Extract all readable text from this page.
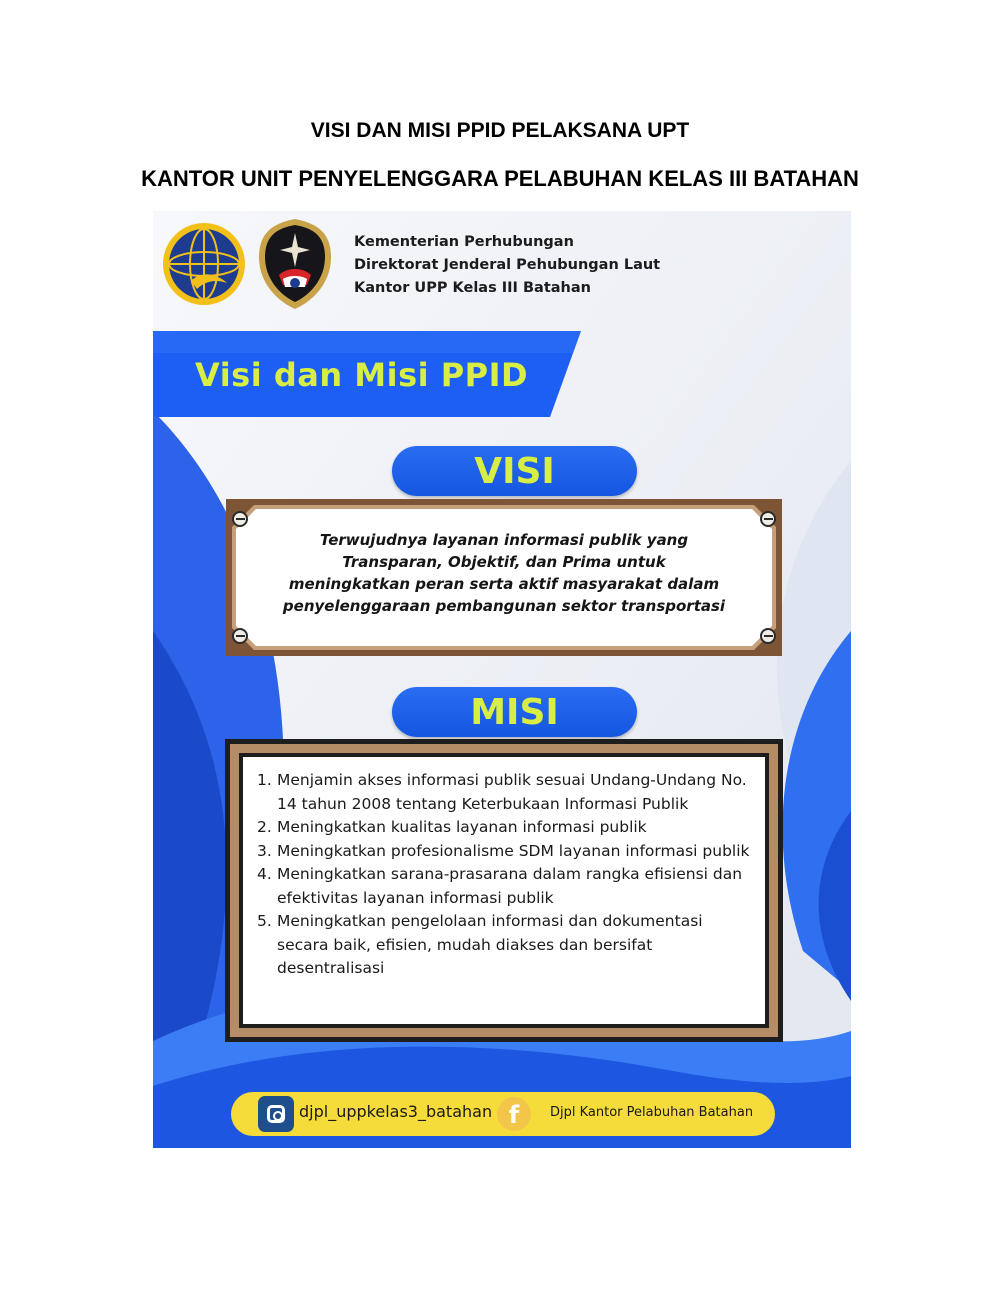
VISI DAN MISI PPID PELAKSANA UPT
KANTOR UNIT PENYELENGGARA PELABUHAN KELAS III BATAHAN
Kementerian Perhubungan
Direktorat Jenderal Pehubungan Laut
Kantor UPP Kelas III Batahan
Visi dan Misi PPID
VISI
Terwujudnya layanan informasi publik yang
Transparan, Objektif, dan Prima untuk
meningkatkan peran serta aktif masyarakat dalam
penyelenggaraan pembangunan sektor transportasi
MISI
1. Menjamin akses informasi publik sesuai Undang-Undang No. 14 tahun 2008 tentang Keterbukaan Informasi Publik
2. Meningkatkan kualitas layanan informasi publik
3. Meningkatkan profesionalisme SDM layanan informasi publik
4. Meningkatkan sarana-prasarana dalam rangka efisiensi dan efektivitas layanan informasi publik
5. Meningkatkan pengelolaan informasi dan dokumentasi secara baik, efisien, mudah diakses dan bersifat desentralisasi
djpl_uppkelas3_batahan f	Djpl Kantor Pelabuhan Batahan
